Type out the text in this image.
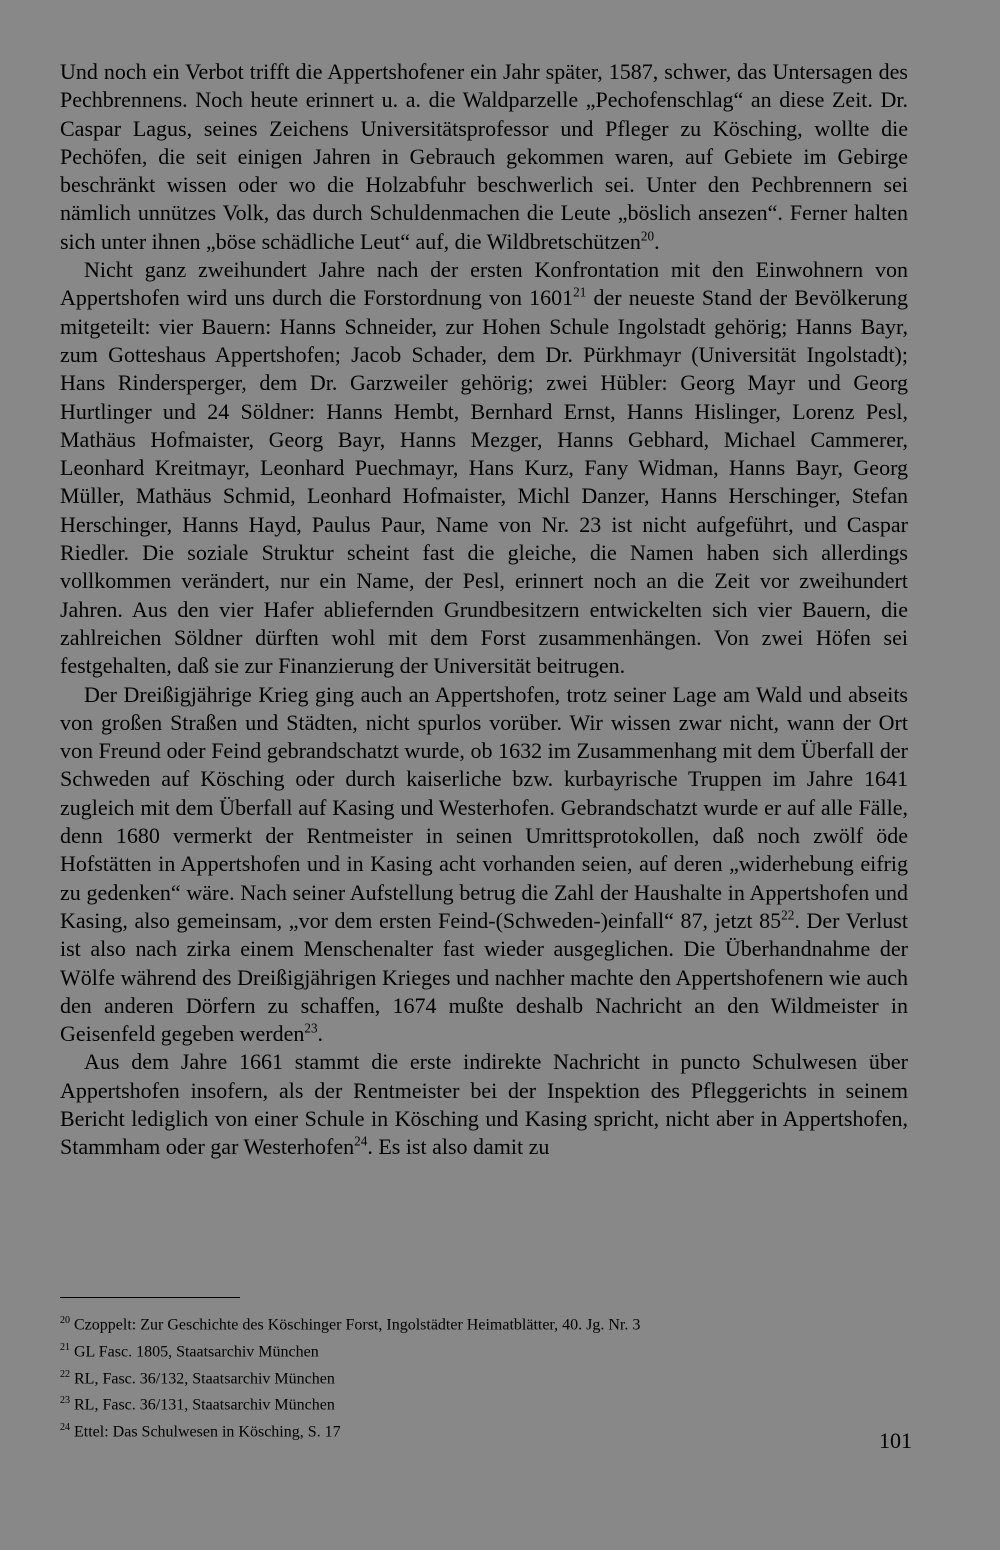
Und noch ein Verbot trifft die Appertshofener ein Jahr später, 1587, schwer, das Untersagen des Pechbrennens. Noch heute erinnert u. a. die Waldparzelle „Pechofenschlag“ an diese Zeit. Dr. Caspar Lagus, seines Zeichens Universitätsprofessor und Pfleger zu Kösching, wollte die Pechöfen, die seit einigen Jahren in Gebrauch gekommen waren, auf Gebiete im Gebirge beschränkt wissen oder wo die Holzabfuhr beschwerlich sei. Unter den Pechbrennern sei nämlich unnützes Volk, das durch Schuldenmachen die Leute „böslich ansezen“. Ferner halten sich unter ihnen „böse schädliche Leut“ auf, die Wildbretschützen$^{20}$.

Nicht ganz zweihundert Jahre nach der ersten Konfrontation mit den Einwohnern von Appertshofen wird uns durch die Forstordnung von 1601$^{21}$ der neueste Stand der Bevölkerung mitgeteilt: vier Bauern: Hanns Schneider, zur Hohen Schule Ingolstadt gehörig; Hanns Bayr, zum Gotteshaus Appertshofen; Jacob Schader, dem Dr. Pürkhmayr (Universität Ingolstadt); Hans Rindersperger, dem Dr. Garzweiler gehörig; zwei Hübler: Georg Mayr und Georg Hurtlinger und 24 Söldner: Hanns Hembt, Bernhard Ernst, Hanns Hislinger, Lorenz Pesl, Mathäus Hofmaister, Georg Bayr, Hanns Mezger, Hanns Gebhard, Michael Cammerer, Leonhard Kreitmayr, Leonhard Puechmayr, Hans Kurz, Fany Widman, Hanns Bayr, Georg Müller, Mathäus Schmid, Leonhard Hofmaister, Michl Danzer, Hanns Herschinger, Stefan Herschinger, Hanns Hayd, Paulus Paur, Name von Nr. 23 ist nicht aufgeführt, und Caspar Riedler. Die soziale Struktur scheint fast die gleiche, die Namen haben sich allerdings vollkommen verändert, nur ein Name, der Pesl, erinnert noch an die Zeit vor zweihundert Jahren. Aus den vier Hafer abliefernden Grundbesitzern entwickelten sich vier Bauern, die zahlreichen Söldner dürften wohl mit dem Forst zusammenhängen. Von zwei Höfen sei festgehalten, daß sie zur Finanzierung der Universität beitrugen.

Der Dreißigjährige Krieg ging auch an Appertshofen, trotz seiner Lage am Wald und abseits von großen Straßen und Städten, nicht spurlos vorüber. Wir wissen zwar nicht, wann der Ort von Freund oder Feind gebrandschatzt wurde, ob 1632 im Zusammenhang mit dem Überfall der Schweden auf Kösching oder durch kaiserliche bzw. kurbayrische Truppen im Jahre 1641 zugleich mit dem Überfall auf Kasing und Westerhofen. Gebrandschatzt wurde er auf alle Fälle, denn 1680 vermerkt der Rentmeister in seinen Umrittsprotokollen, daß noch zwölf öde Hofstätten in Appertshofen und in Kasing acht vorhanden seien, auf deren „widerhebung eifrig zu gedenken“ wäre. Nach seiner Aufstellung betrug die Zahl der Haushalte in Appertshofen und Kasing, also gemeinsam, „vor dem ersten Feind-(Schweden-)einfall“ 87, jetzt $85^{22}$. Der Verlust ist also nach zirka einem Menschenalter fast wieder ausgeglichen. Die Überhandnahme der Wölfe während des Dreißigjährigen Krieges und nachher machte den Appertshofenern wie auch den anderen Dörfern zu schaffen, 1674 mußte deshalb Nachricht an den Wildmeister in Geisenfeld gegeben werden$^{23}$.

Aus dem Jahre 1661 stammt die erste indirekte Nachricht in puncto Schulwesen über Appertshofen insofern, als der Rentmeister bei der Inspektion des Pfleggerichts in seinem Bericht lediglich von einer Schule in Kösching und Kasing spricht, nicht aber in Appertshofen, Stammham oder gar Westerhofen$^{24}$. Es ist also damit zu

$^{20}$ Czoppelt: Zur Geschichte des Köschinger Forst, Ingolstädter Heimatblätter, 40. Jg. Nr. 3

$^{21}$ GL Fasc. 1805, Staatsarchiv München

$^{22}$ RL, Fasc. 36/132, Staatsarchiv München

$^{23}$ RL, Fasc. 36/131, Staatsarchiv München

$^{24}$ Ettel: Das Schulwesen in Kösching, S. 17	101
